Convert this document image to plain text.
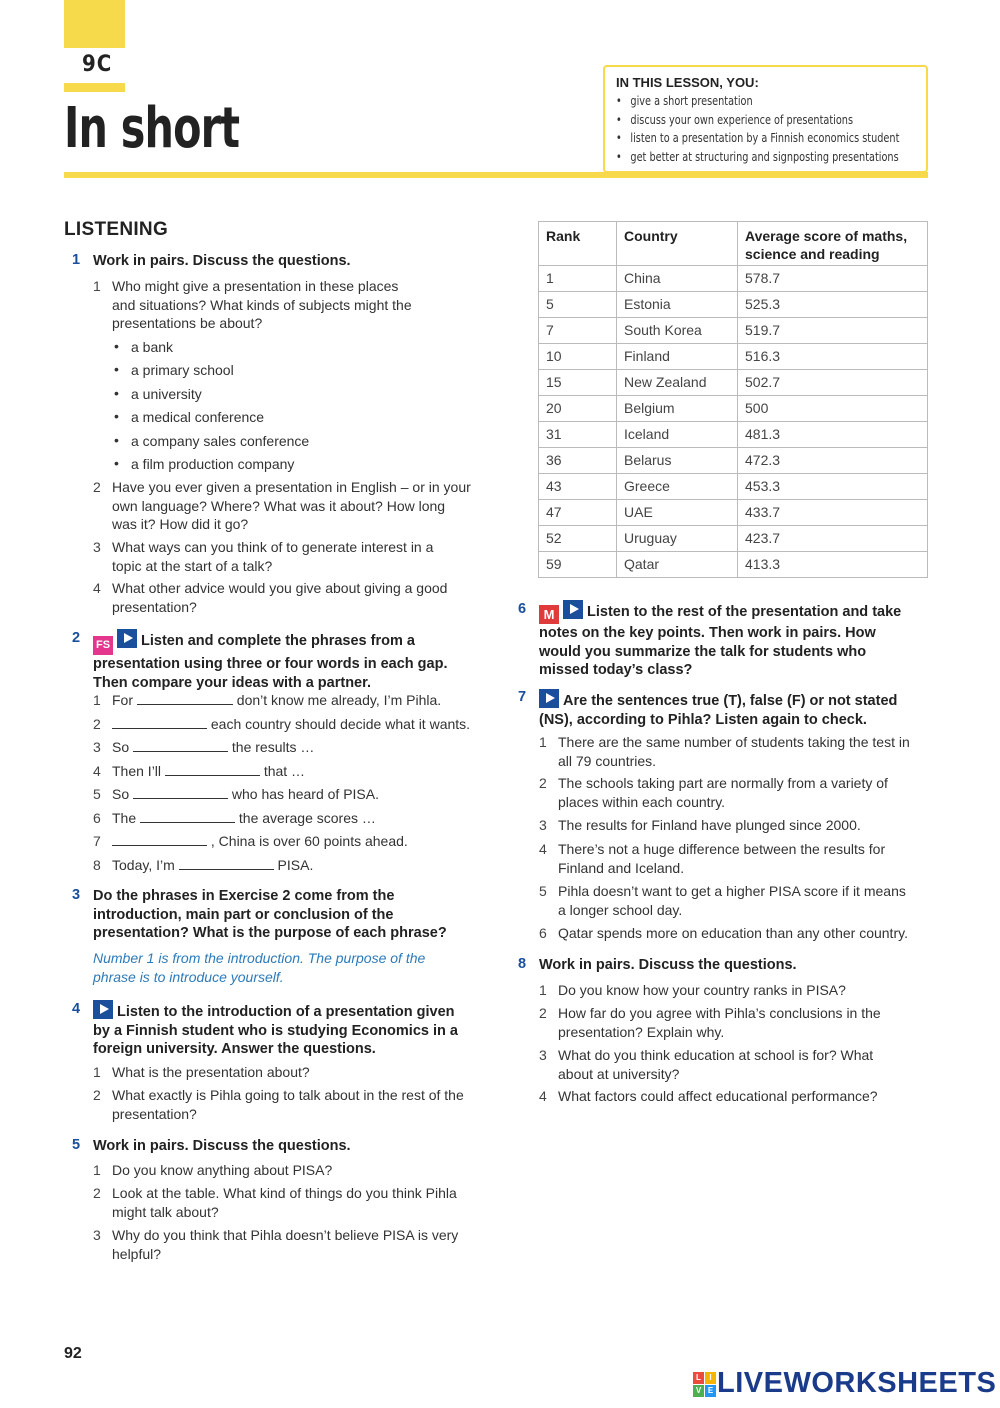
9C
In short
IN THIS LESSON, YOU:
• give a short presentation
• discuss your own experience of presentations
• listen to a presentation by a Finnish economics student
• get better at structuring and signposting presentations
LISTENING
1 Work in pairs. Discuss the questions.
1 Who might give a presentation in these places
and situations? What kinds of subjects might the
presentations be about?
• a bank
• a primary school
• a university
• a medical conference
• a company sales conference
• a film production company
2 Have you ever given a presentation in English – or in your
own language? Where? What was it about? How long
was it? How did it go?
3 What ways can you think of to generate interest in a
topic at the start of a talk?
4 What other advice would you give about giving a good
presentation?
2 FS Listen and complete the phrases from a
presentation using three or four words in each gap.
Then compare your ideas with a partner.
1 For	don’t know me already, I’m Pihla.
2	each country should decide what it wants.
3 So	the results …
4 Then I’ll	that …
5 So	who has heard of PISA.
6 The	the average scores …
7	, China is over 60 points ahead.
8 Today, I’m	PISA.
3 Do the phrases in Exercise 2 come from the
introduction, main part or conclusion of the
presentation? What is the purpose of each phrase?
Number 1 is from the introduction. The purpose of the
phrase is to introduce yourself.
4	Listen to the introduction of a presentation given
by a Finnish student who is studying Economics in a
foreign university. Answer the questions.
1 What is the presentation about?
2 What exactly is Pihla going to talk about in the rest of the
presentation?
5 Work in pairs. Discuss the questions.
1 Do you know anything about PISA?
2 Look at the table. What kind of things do you think Pihla
might talk about?
3 Why do you think that Pihla doesn’t believe PISA is very
helpful?
Rank	Country	Average score of maths,
science and reading

1	China	578.7
5	Estonia	525.3
7	South Korea	519.7
10	Finland	516.3
15	New Zealand	502.7
20	Belgium	500
31	Iceland	481.3
36	Belarus	472.3
43	Greece	453.3
47	UAE	433.7
52	Uruguay	423.7
59	Qatar	413.3
6	M Listen to the rest of the presentation and take
notes on the key points. Then work in pairs. How
would you summarize the talk for students who
missed today’s class?
7	Are the sentences true (T), false (F) or not stated
(NS), according to Pihla? Listen again to check.
1 There are the same number of students taking the test in
all 79 countries.
2 The schools taking part are normally from a variety of
places within each country.
3 The results for Finland have plunged since 2000.
4 There’s not a huge difference between the results for
Finland and Iceland.
5 Pihla doesn’t want to get a higher PISA score if it means
a longer school day.
6 Qatar spends more on education than any other country.
8 Work in pairs. Discuss the questions.
1 Do you know how your country ranks in PISA?
2 How far do you agree with Pihla’s conclusions in the
presentation? Explain why.
3 What do you think education at school is for? What
about at university?
4 What factors could affect educational performance?
92
L	I
V E LIVEWORKSHEETS
